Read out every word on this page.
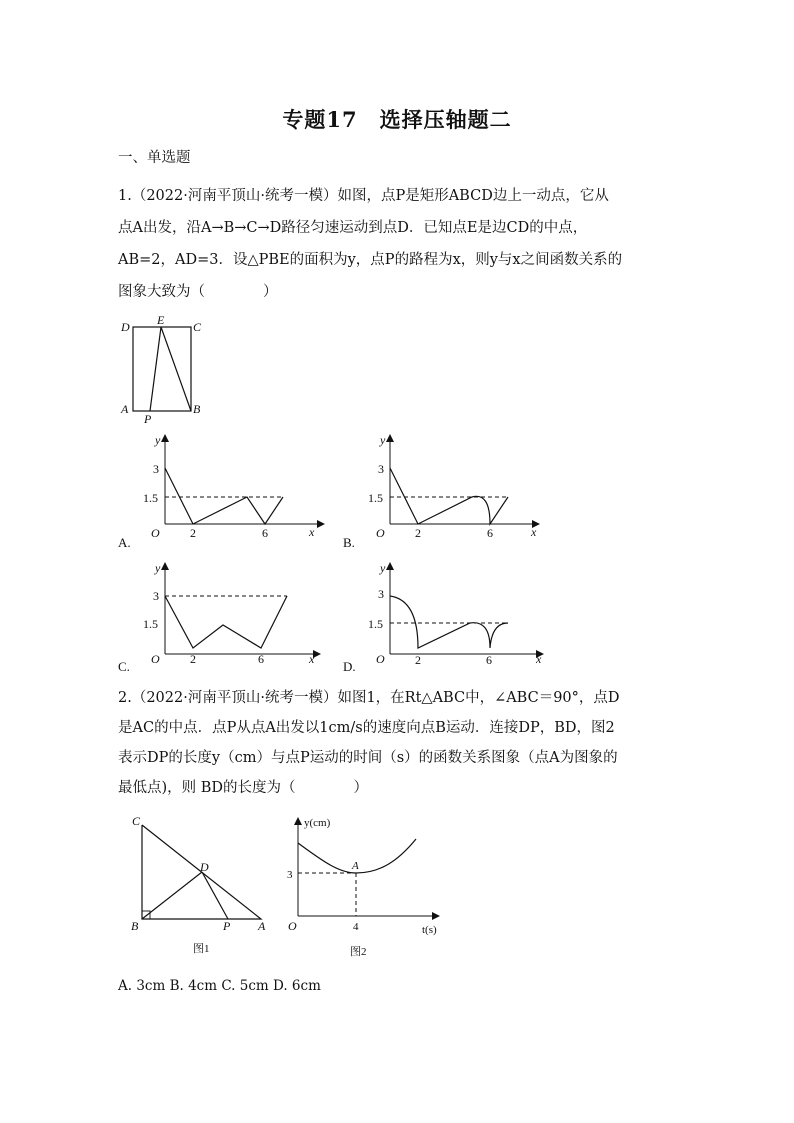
专题17　选择压轴题二
一、单选题
1.（2022·河南平顶山·统考一模）如图，点P是矩形ABCD边上一动点，它从
点A出发，沿A→B→C→D路径匀速运动到点D．已知点E是边CD的中点，
AB=2，AD=3．设△PBE的面积为y，点P的路程为x，则y与x之间函数关系的
图象大致为（　　　　）
D E C
A
P
B
A.
y
x
O
3
1.5
2	6
B.
y
x
O
3
1.5
2	6
C.
y
x
O
3
1.5
2	6	D.
y
x
O
3
1.5
2	6
2.（2022·河南平顶山·统考一模）如图1，在Rt△ABC中，∠ABC＝90°，点D
是AC的中点．点P从点A出发以1cm/s的速度向点B运动．连接DP，BD，图2
表示DP的长度y（cm）与点P运动的时间（s）的函数关系图象（点A为图象的
最低点)，则 BD的长度为（　　　　）
C
D
B	P A
图1
y(cm)
t(s)
O
A
3
4
图2
A. 3cm B. 4cm C. 5cm D. 6cm
